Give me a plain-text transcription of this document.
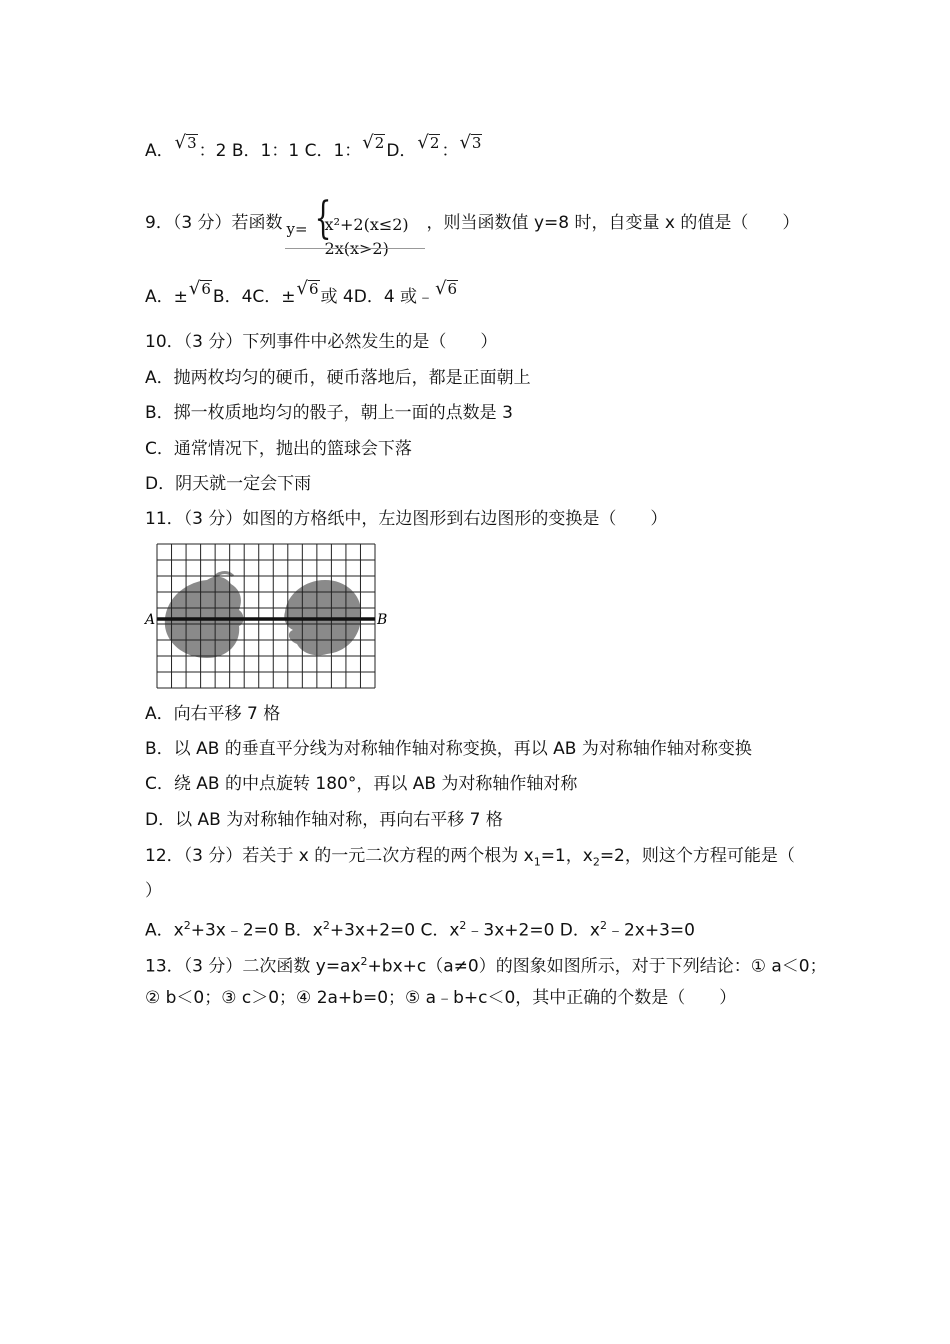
A． √ 3 ：2 B．1：1 C．1： √ 2 D． √ 2 ： √ 3
9．（3 分）若函数 y= {
x²+2(x≤2)
2x(x>2)
，则当函数值 y=8 时，自变量 x 的值是（　　）
A．± √ 6 B．4C．± √ 6 或 4D．4 或﹣ √ 6
10．（3 分）下列事件中必然发生的是（　　）
A．抛两枚均匀的硬币，硬币落地后，都是正面朝上
B．掷一枚质地均匀的骰子，朝上一面的点数是 3
C．通常情况下，抛出的篮球会下落
D．阴天就一定会下雨
11．（3 分）如图的方格纸中，左边图形到右边图形的变换是（　　）
A	B
A．向右平移 7 格
B．以 AB 的垂直平分线为对称轴作轴对称变换，再以 AB 为对称轴作轴对称变换
C．绕 AB 的中点旋转 180°，再以 AB 为对称轴作轴对称
D．以 AB 为对称轴作轴对称，再向右平移 7 格
12．（3 分）若关于 x 的一元二次方程的两个根为 $x_1=1$，$x_2=2$，则这个方程可能是（
）
A．$x^2+3x﹣2=0$ B．$x^2+3x+2=0$ C．$x^2﹣3x+2=0$ D．$x^2﹣2x+3=0$
13．（3 分）二次函数 $y=ax^2+bx+c(a\ne 0)$的图象如图所示，对于下列结论：① a＜0；
② b＜0；③ c＞0；④ 2a+b=0；⑤ a﹣b+c＜0，其中正确的个数是（　　）
